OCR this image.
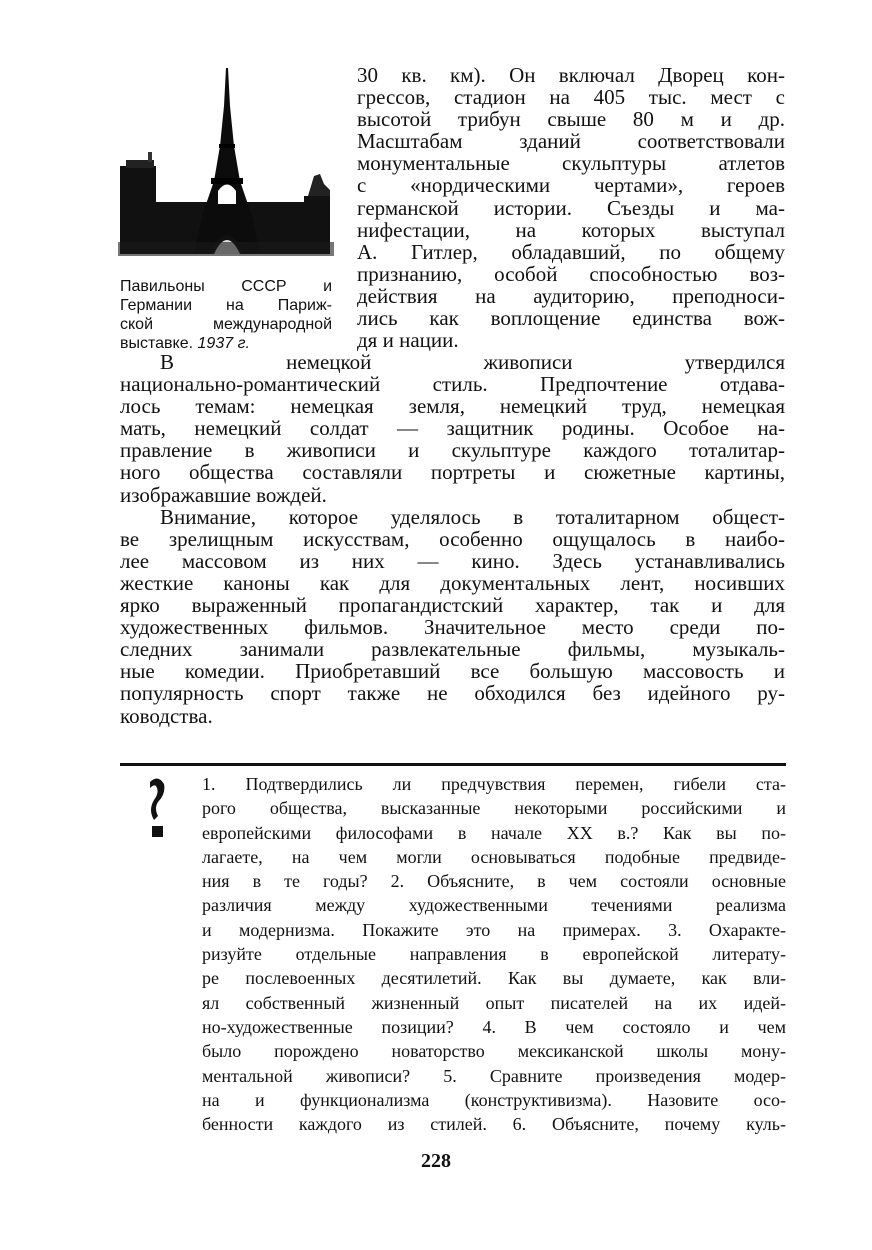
Павильоны СССР и
Германии на Париж-
ской международной
выставке. 1937 г.
30 кв. км). Он включал Дворец кон-
грессов, стадион на 405 тыс. мест с
высотой трибун свыше 80 м и др.
Масштабам зданий соответствовали
монументальные скульптуры атлетов
с «нордическими чертами», героев
германской истории. Съезды и ма-
нифестации, на которых выступал
А. Гитлер, обладавший, по общему
признанию, особой способностью воз-
действия на аудиторию, преподноси-
лись как воплощение единства вож-
дя и нации.
В немецкой живописи утвердился
национально-романтический стиль. Предпочтение отдава-
лось темам: немецкая земля, немецкий труд, немецкая
мать, немецкий солдат — защитник родины. Особое на-
правление в живописи и скульптуре каждого тоталитар-
ного общества составляли портреты и сюжетные картины,
изображавшие вождей.
Внимание, которое уделялось в тоталитарном общест-
ве зрелищным искусствам, особенно ощущалось в наибо-
лее массовом из них — кино. Здесь устанавливались
жесткие каноны как для документальных лент, носивших
ярко выраженный пропагандистский характер, так и для
художественных фильмов. Значительное место среди по-
следних занимали развлекательные фильмы, музыкаль-
ные комедии. Приобретавший все большую массовость и
популярность спорт также не обходился без идейного ру-
ководства.
1. Подтвердились ли предчувствия перемен, гибели ста-
рого общества, высказанные некоторыми российскими и
европейскими философами в начале XX в.? Как вы по-
лагаете, на чем могли основываться подобные предвиде-
ния в те годы? 2. Объясните, в чем состояли основные
различия между художественными течениями реализма
и модернизма. Покажите это на примерах. 3. Охаракте-
ризуйте отдельные направления в европейской литерату-
ре послевоенных десятилетий. Как вы думаете, как вли-
ял собственный жизненный опыт писателей на их идей-
но-художественные позиции? 4. В чем состояло и чем
было порождено новаторство мексиканской школы мону-
ментальной живописи? 5. Сравните произведения модер-
на и функционализма (конструктивизма). Назовите осо-
бенности каждого из стилей. 6. Объясните, почему куль-
228
